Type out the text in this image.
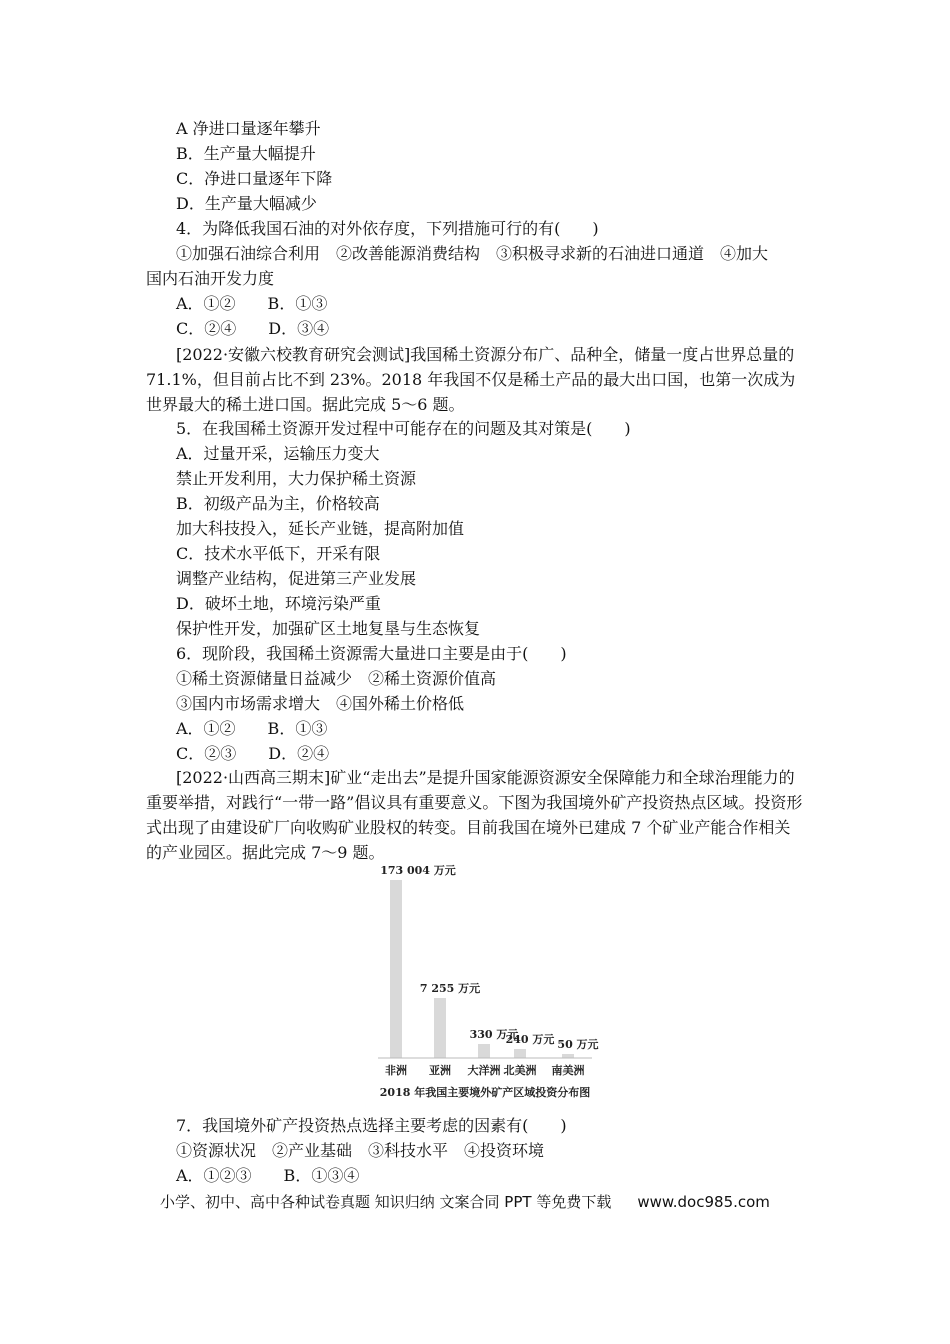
A 净进口量逐年攀升
B．生产量大幅提升
C．净进口量逐年下降
D．生产量大幅减少
4．为降低我国石油的对外依存度，下列措施可行的有(　　)
①加强石油综合利用　②改善能源消费结构　③积极寻求新的石油进口通道　④加大
国内石油开发力度
A．①②　　B．①③
C．②④　　D．③④
[2022·安徽六校教育研究会测试]我国稀土资源分布广、品种全，储量一度占世界总量的 71.1%，但目前占比不到 23%。2018 年我国不仅是稀土产品的最大出口国，也第一次成为世界最大的稀土进口国。据此完成 5～6 题。
5．在我国稀土资源开发过程中可能存在的问题及其对策是(　　)
A．过量开采，运输压力变大
禁止开发利用，大力保护稀土资源
B．初级产品为主，价格较高
加大科技投入，延长产业链，提高附加值
C．技术水平低下，开采有限
调整产业结构，促进第三产业发展
D．破坏土地，环境污染严重
保护性开发，加强矿区土地复垦与生态恢复
6．现阶段，我国稀土资源需大量进口主要是由于(　　)
①稀土资源储量日益减少　②稀土资源价值高
③国内市场需求增大　④国外稀土价格低
A．①②　　B．①③
C．②③　　D．②④
[2022·山西高三期末]矿业“走出去”是提升国家能源资源安全保障能力和全球治理能力的重要举措，对践行“一带一路”倡议具有重要意义。下图为我国境外矿产投资热点区域。投资形式出现了由建设矿厂向收购矿业股权的转变。目前我国在境外已建成 7 个矿业产能合作相关的产业园区。据此完成 7～9 题。
173 004 万元
非洲
7 255 万元
亚洲
330 万元
大洋洲
240 万元
北美洲
50 万元
南美洲
2018 年我国主要境外矿产区域投资分布图
7．我国境外矿产投资热点选择主要考虑的因素有(　　)
①资源状况　②产业基础　③科技水平　④投资环境
A．①②③　　B．①③④
小学、初中、高中各种试卷真题 知识归纳 文案合同 PPT 等免费下载 www.doc985.com
